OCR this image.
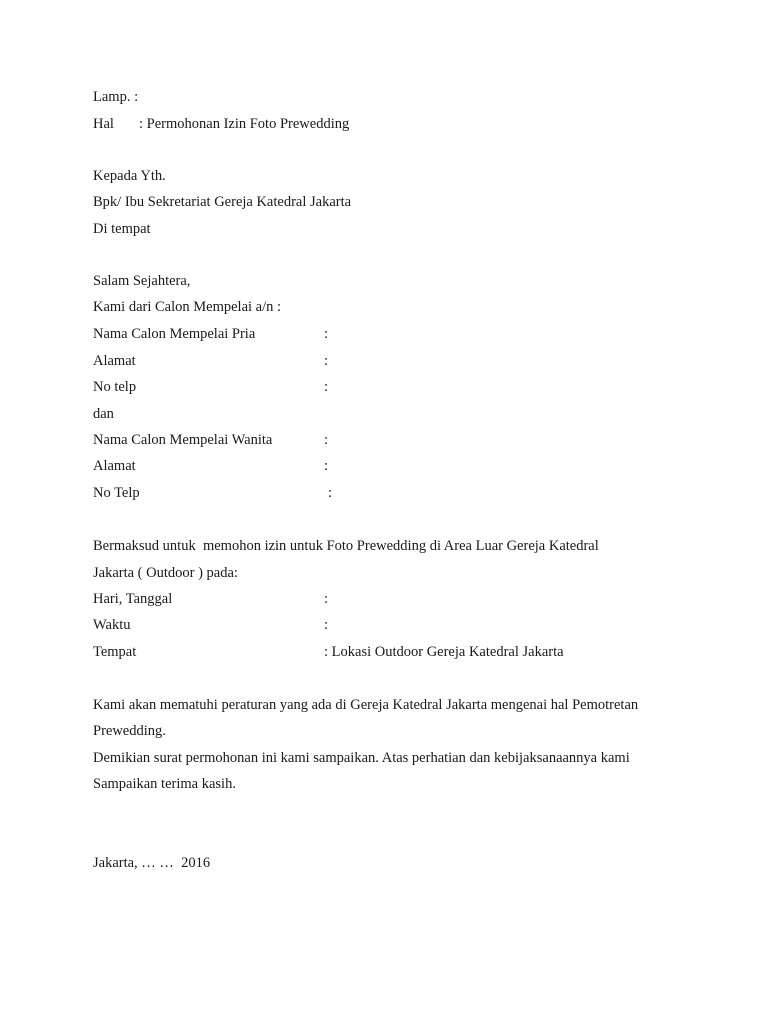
Lamp. :
Hal : Permohonan Izin Foto Prewedding
Kepada Yth.
Bpk/ Ibu Sekretariat Gereja Katedral Jakarta
Di tempat
Salam Sejahtera,
Kami dari Calon Mempelai a/n :
Nama Calon Mempelai Pria	:
Alamat	:
No telp	:
dan
Nama Calon Mempelai Wanita	:
Alamat	:
No Telp	:
Bermaksud untuk  memohon izin untuk Foto Prewedding di Area Luar Gereja Katedral
Jakarta ( Outdoor ) pada:
Hari, Tanggal	:
Waktu	:
Tempat	: Lokasi Outdoor Gereja Katedral Jakarta
Kami akan mematuhi peraturan yang ada di Gereja Katedral Jakarta mengenai hal Pemotretan
Prewedding.
Demikian surat permohonan ini kami sampaikan. Atas perhatian dan kebijaksanaannya kami
Sampaikan terima kasih.
Jakarta, … …  2016
